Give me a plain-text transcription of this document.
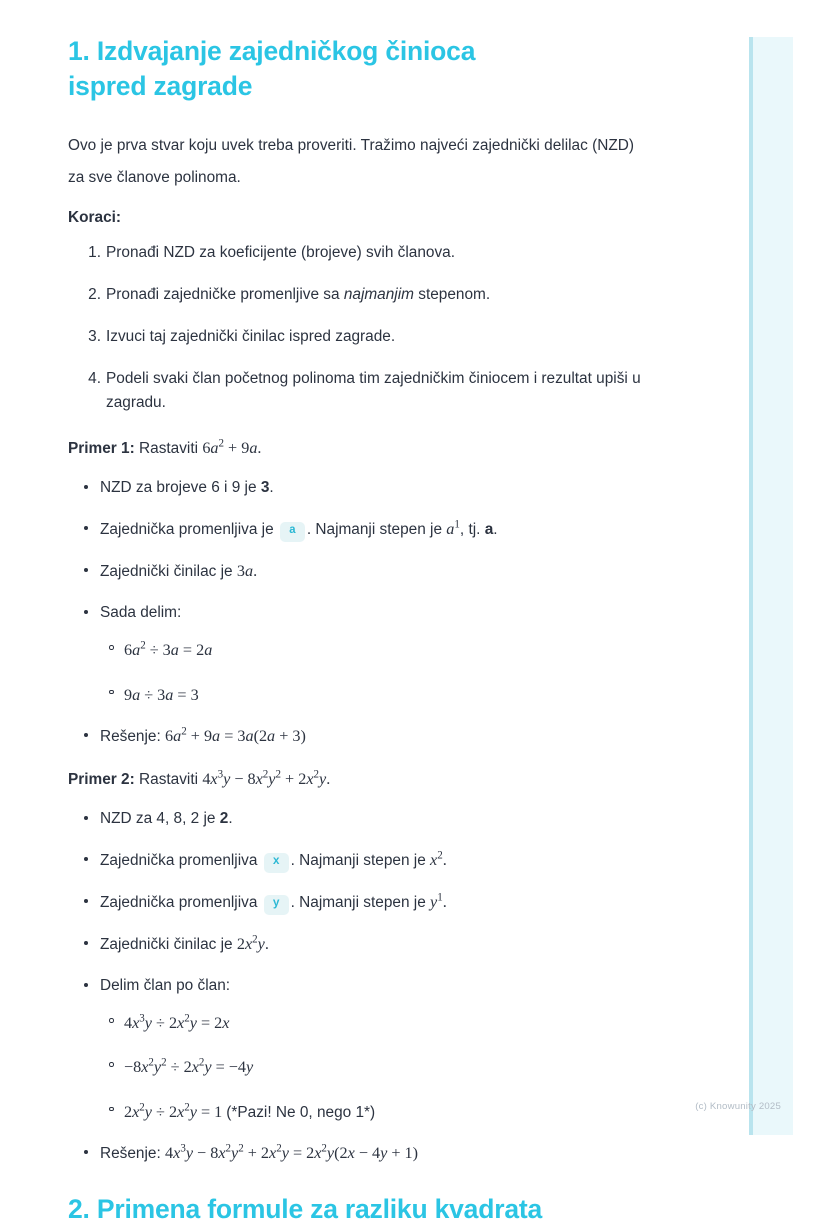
1. Izdvajanje zajedničkog činioca ispred zagrade

Ovo je prva stvar koju uvek treba proveriti. Tražimo najveći zajednički delilac (NZD) za sve članove polinoma.

Koraci:

Pronađi NZD za koeficijente (brojeve) svih članova.
Pronađi zajedničke promenljive sa najmanjim stepenom.
Izvuci taj zajednički činilac ispred zagrade.
Podeli svaki član početnog polinoma tim zajedničkim činiocem i rezultat upiši u zagradu.

Primer 1: Rastaviti $6a^2 + 9a$.

NZD za brojeve 6 i 9 je 3.
Zajednička promenljiva je a . Najmanji stepen je $a^1$, tj. a.
Zajednički činilac je 3a.
Sada delim:
$6a^2 \div 3a = 2a$
9a ÷ 3a = 3
Rešenje: $6a^2 + 9a = 3a(2a + 3)$

Primer 2: Rastaviti $4x^3y - 8x^2y^2 + 2x^2y$.

NZD za 4, 8, 2 je 2.
Zajednička promenljiva x . Najmanji stepen je $x^2$.
Zajednička promenljiva y . Najmanji stepen je $y^1$.
Zajednički činilac je $2x^2y$.
Delim član po član:
$4x^3y \div 2x^2y = 2x$
$-8x^2y^2 \div 2x^2y = -4y$
$2x^2y \div 2x^2y = 1$ (*Pazi! Ne 0, nego 1*)
Rešenje: $4x^3y - 8x^2y^2 + 2x^2y = 2x^2y(2x - 4y + 1)$
2. Primena formule za razliku kvadrata
(c) Knowunity 2025
